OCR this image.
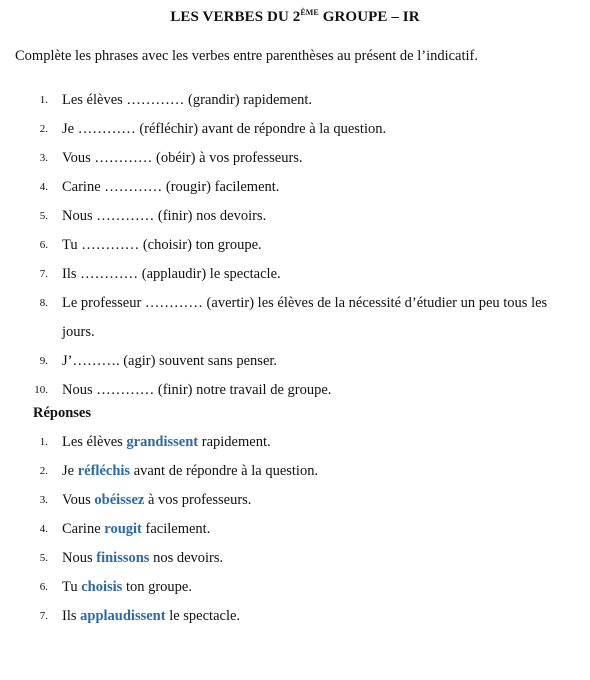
LES VERBES DU 2ÈME GROUPE – IR
Complète les phrases avec les verbes entre parenthèses au présent de l’indicatif.
1. Les élèves ………… (grandir) rapidement.
2. Je ………… (réfléchir) avant de répondre à la question.
3. Vous ………… (obéir) à vos professeurs.
4. Carine ………… (rougir) facilement.
5. Nous ………… (finir) nos devoirs.
6. Tu ………… (choisir) ton groupe.
7. Ils ………… (applaudir) le spectacle.
8. Le professeur ………… (avertir) les élèves de la nécessité d’étudier un peu tous les jours.
9. J’………. (agir) souvent sans penser.
10. Nous ………… (finir) notre travail de groupe.
Réponses
1. Les élèves grandissent rapidement.
2. Je réfléchis avant de répondre à la question.
3. Vous obéissez à vos professeurs.
4. Carine rougit facilement.
5. Nous finissons nos devoirs.
6. Tu choisis ton groupe.
7. Ils applaudissent le spectacle.
